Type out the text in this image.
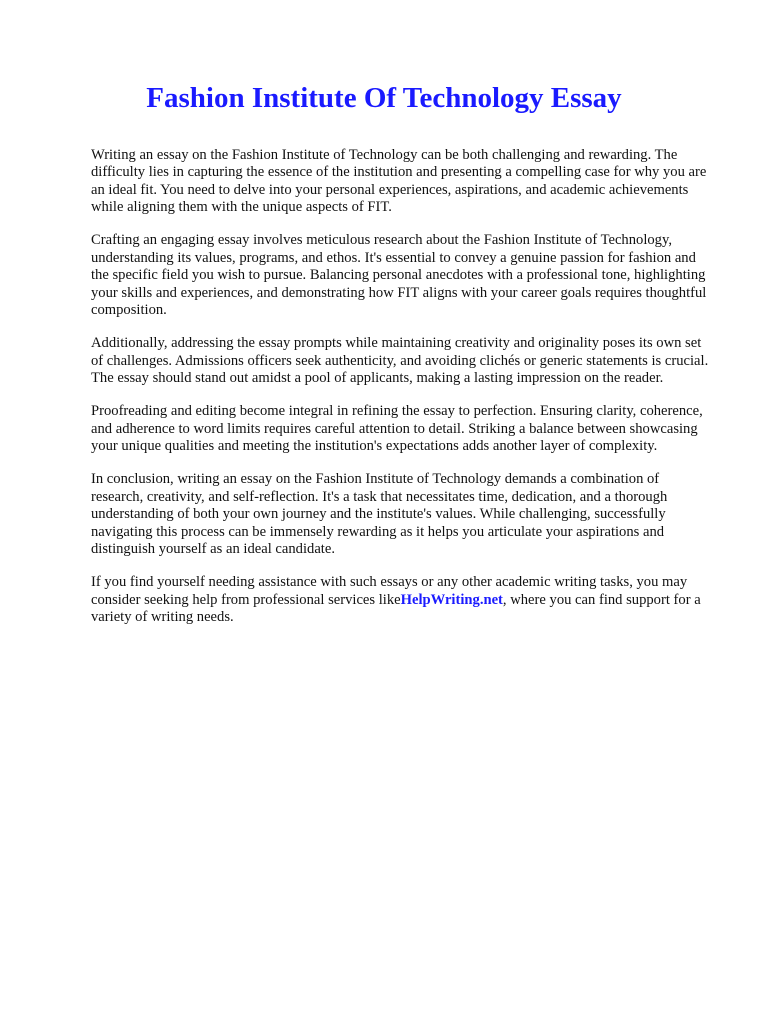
Fashion Institute Of Technology Essay

Writing an essay on the Fashion Institute of Technology can be both challenging and rewarding. The difficulty lies in capturing the essence of the institution and presenting a compelling case for why you are an ideal fit. You need to delve into your personal experiences, aspirations, and academic achievements while aligning them with the unique aspects of FIT.

Crafting an engaging essay involves meticulous research about the Fashion Institute of Technology, understanding its values, programs, and ethos. It's essential to convey a genuine passion for fashion and the specific field you wish to pursue. Balancing personal anecdotes with a professional tone, highlighting your skills and experiences, and demonstrating how FIT aligns with your career goals requires thoughtful composition.

Additionally, addressing the essay prompts while maintaining creativity and originality poses its own set of challenges. Admissions officers seek authenticity, and avoiding clichés or generic statements is crucial. The essay should stand out amidst a pool of applicants, making a lasting impression on the reader.

Proofreading and editing become integral in refining the essay to perfection. Ensuring clarity, coherence, and adherence to word limits requires careful attention to detail. Striking a balance between showcasing your unique qualities and meeting the institution's expectations adds another layer of complexity.

In conclusion, writing an essay on the Fashion Institute of Technology demands a combination of research, creativity, and self-reflection. It's a task that necessitates time, dedication, and a thorough understanding of both your own journey and the institute's values. While challenging, successfully navigating this process can be immensely rewarding as it helps you articulate your aspirations and distinguish yourself as an ideal candidate.

If you find yourself needing assistance with such essays or any other academic writing tasks, you may consider seeking help from professional services likeHelpWriting.net, where you can find support for a variety of writing needs.
